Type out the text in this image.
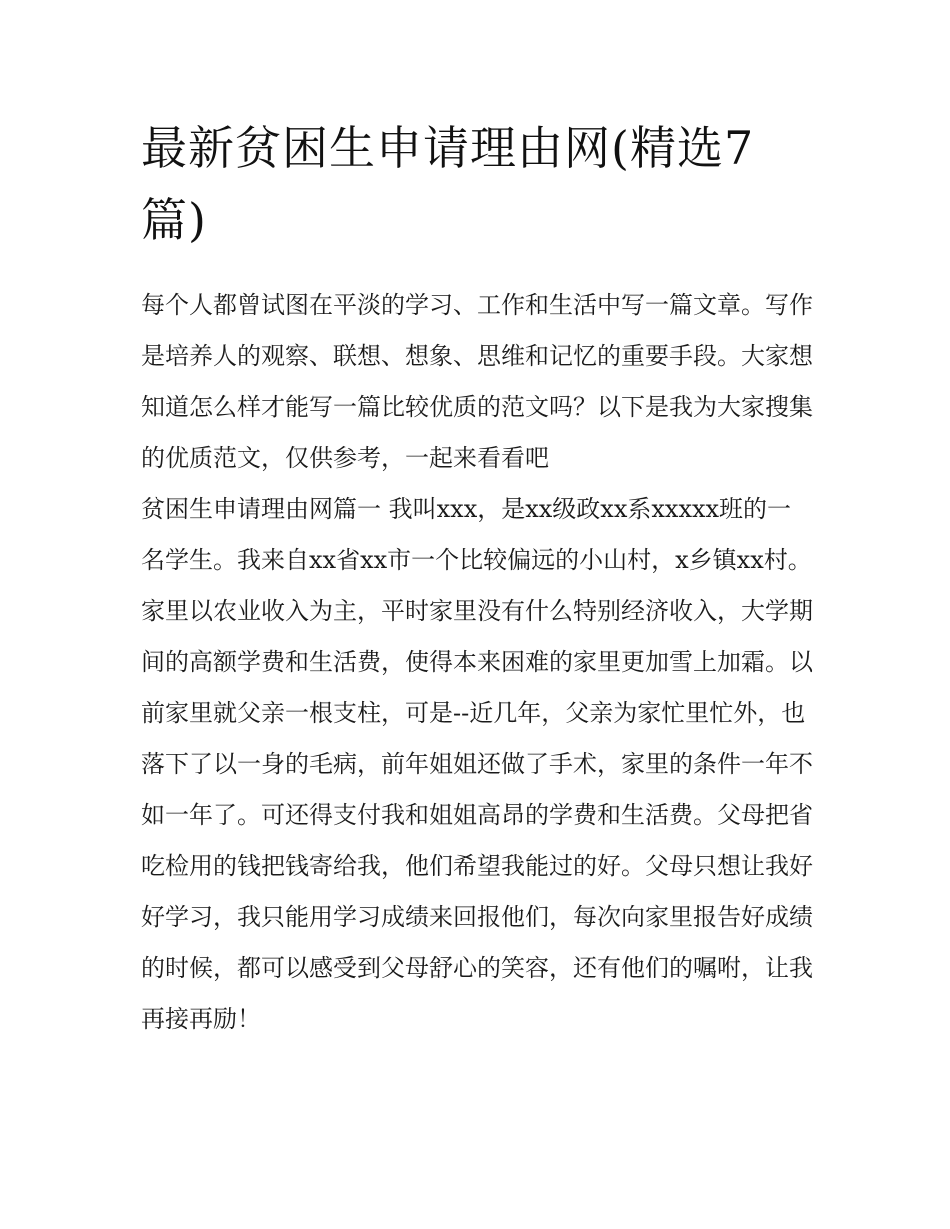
最新贫困生申请理由网(精选7篇)

每个人都曾试图在平淡的学习、工作和生活中写一篇文章。写作是培养人的观察、联想、想象、思维和记忆的重要手段。大家想知道怎么样才能写一篇比较优质的范文吗？以下是我为大家搜集的优质范文，仅供参考，一起来看看吧

贫困生申请理由网篇一 我叫xxx，是xx级政xx系xxxxx班的一名学生。我来自xx省xx市一个比较偏远的小山村，x乡镇xx村。

家里以农业收入为主，平时家里没有什么特别经济收入，大学期间的高额学费和生活费，使得本来困难的家里更加雪上加霜。以前家里就父亲一根支柱，可是--近几年，父亲为家忙里忙外，也落下了以一身的毛病，前年姐姐还做了手术，家里的条件一年不如一年了。可还得支付我和姐姐高昂的学费和生活费。父母把省吃检用的钱把钱寄给我，他们希望我能过的好。父母只想让我好好学习，我只能用学习成绩来回报他们，每次向家里报告好成绩的时候，都可以感受到父母舒心的笑容，还有他们的嘱咐，让我再接再励！
